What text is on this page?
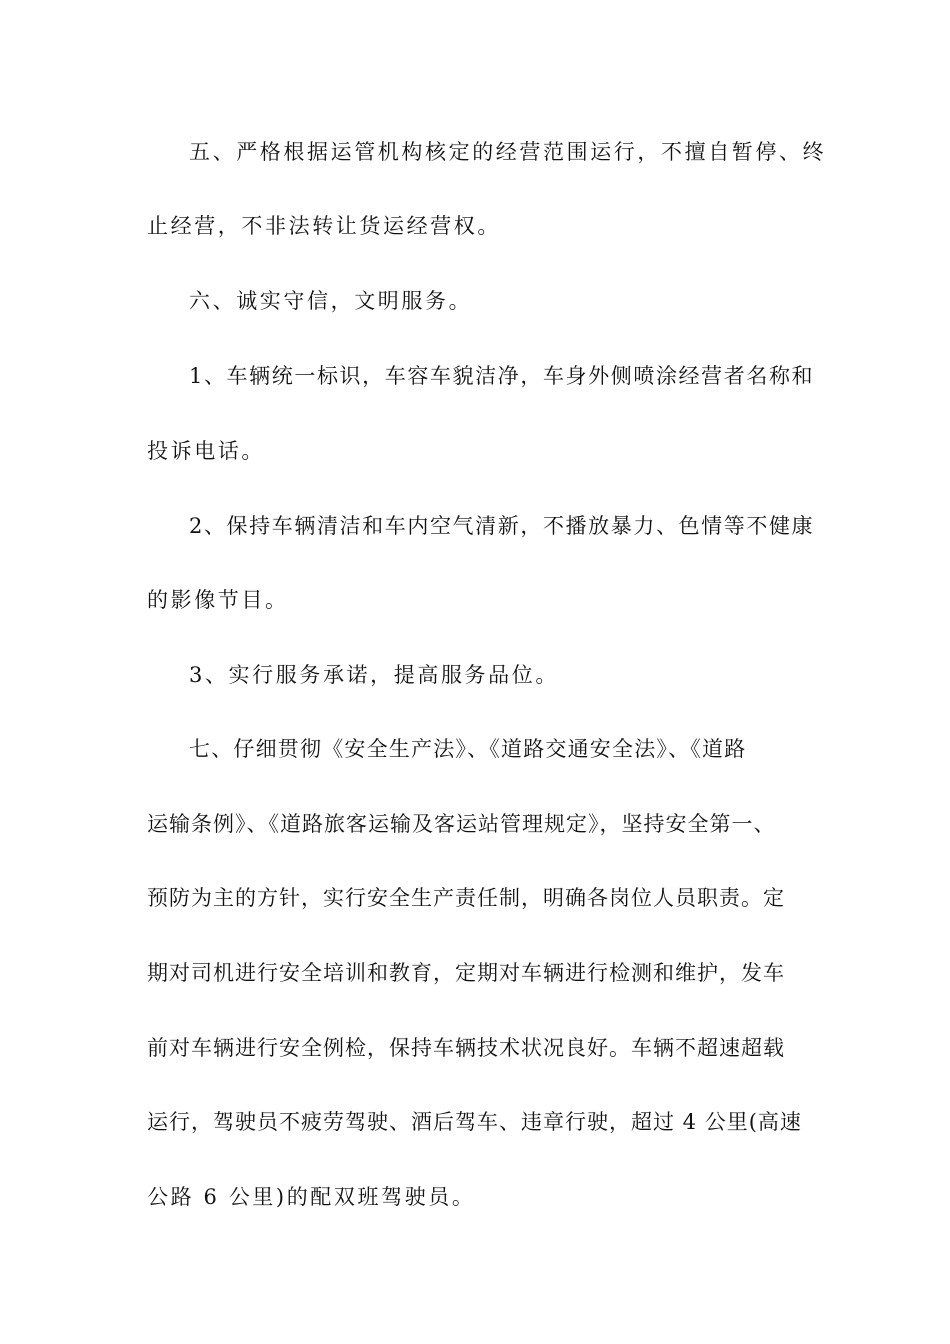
五、严格根据运管机构核定的经营范围运行，不擅自暂停、终
止经营，不非法转让货运经营权。
六、诚实守信，文明服务。
1、车辆统一标识，车容车貌洁净，车身外侧喷涂经营者名称和
投诉电话。
2、保持车辆清洁和车内空气清新，不播放暴力、色情等不健康
的影像节目。
3、实行服务承诺，提高服务品位。
七、仔细贯彻《安全生产法》、《道路交通安全法》、《道路
运输条例》、《道路旅客运输及客运站管理规定》，坚持安全第一、
预防为主的方针，实行安全生产责任制，明确各岗位人员职责。定
期对司机进行安全培训和教育，定期对车辆进行检测和维护，发车
前对车辆进行安全例检，保持车辆技术状况良好。车辆不超速超载
运行，驾驶员不疲劳驾驶、酒后驾车、违章行驶，超过 4 公里(高速
公路 6 公里)的配双班驾驶员。
